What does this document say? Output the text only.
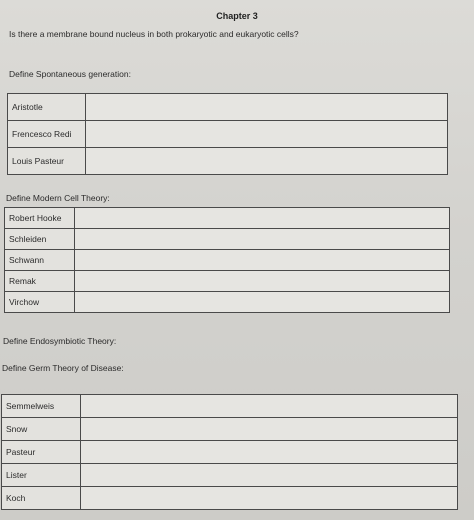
Chapter 3
Is there a membrane bound nucleus in both prokaryotic and eukaryotic cells?
Define Spontaneous generation:
Aristotle	
Frencesco Redi	
Louis Pasteur	
Define Modern Cell Theory:
Robert Hooke	
Schleiden	
Schwann	
Remak	
Virchow	
Define Endosymbiotic Theory:
Define Germ Theory of Disease:
Semmelweis	
Snow	
Pasteur	
Lister	
Koch	
